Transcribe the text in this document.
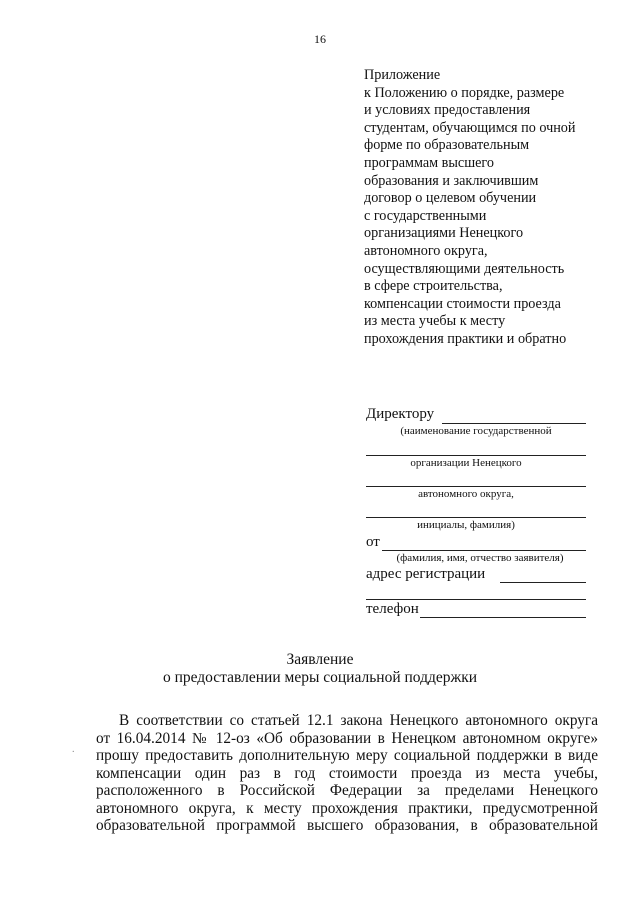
16
Приложение
к Положению о порядке, размере
и условиях предоставления
студентам, обучающимся по очной
форме по образовательным
программам высшего
образования и заключившим
договор о целевом обучении
с государственными
организациями Ненецкого
автономного округа,
осуществляющими деятельность
в сфере строительства,
компенсации стоимости проезда
из места учебы к месту
прохождения практики и обратно
Директору
(наименование государственной
организации Ненецкого
автономного округа,
инициалы, фамилия)
от
(фамилия, имя, отчество заявителя)
адрес регистрации
телефон
Заявление
о предоставлении меры социальной поддержки
.
В соответствии со статьей 12.1 закона Ненецкого автономного округа
от 16.04.2014 № 12-оз «Об образовании в Ненецком автономном округе»
прошу предоставить дополнительную меру социальной поддержки в виде
компенсации один раз в год стоимости проезда из места учебы,
расположенного в Российской Федерации за пределами Ненецкого
автономного округа, к месту прохождения практики, предусмотренной
образовательной программой высшего образования, в образовательной
